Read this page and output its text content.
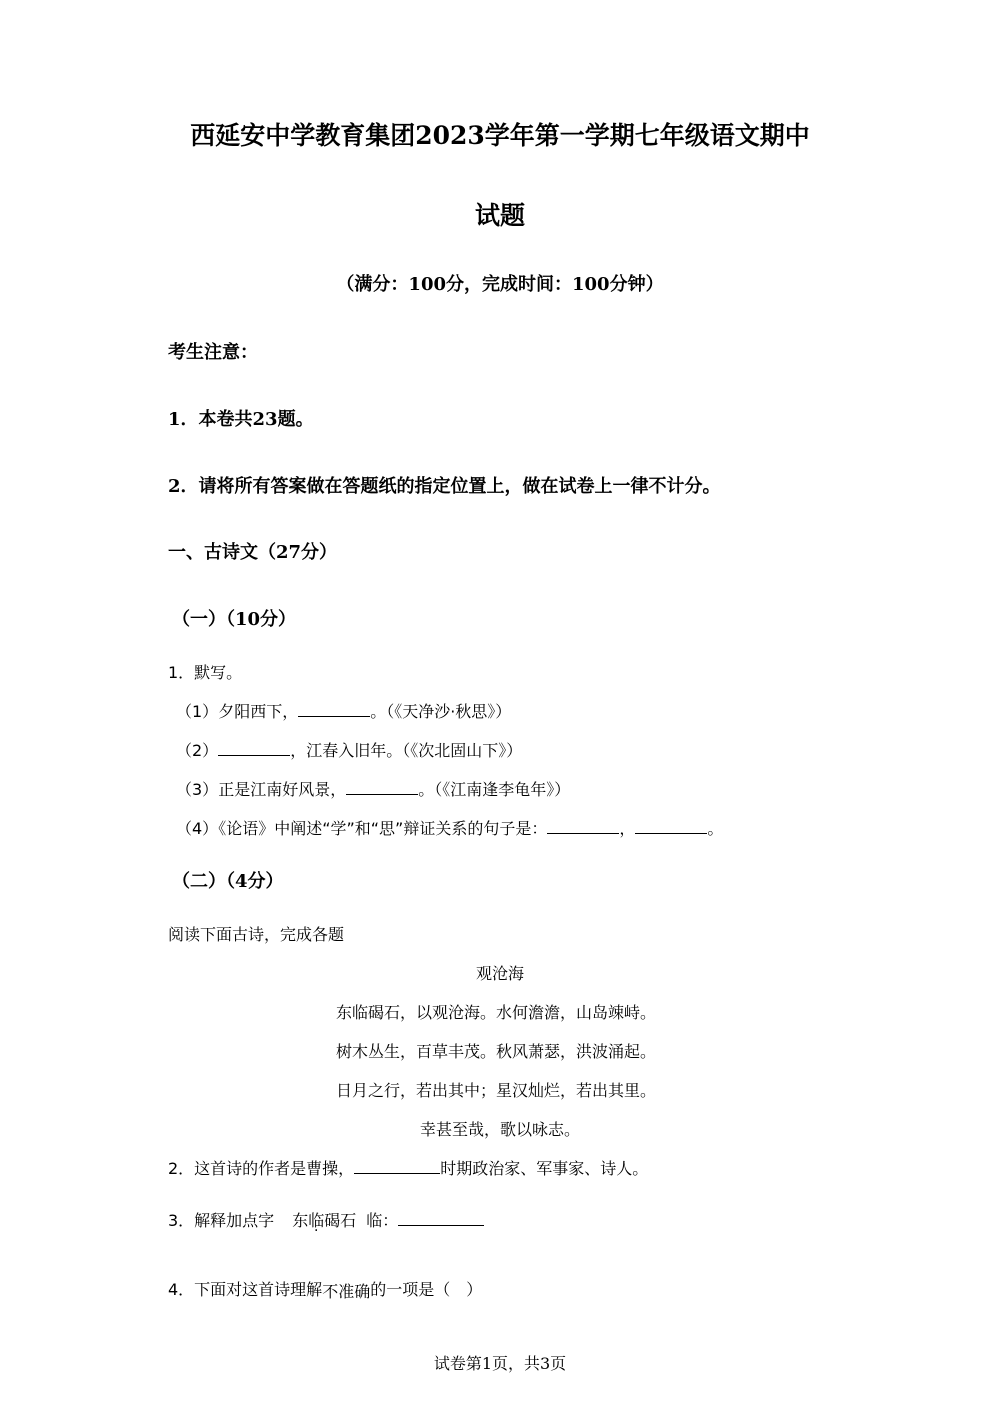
西延安中学教育集团2023学年第一学期七年级语文期中
试题
（满分：100分，完成时间：100分钟）
考生注意：
1．本卷共23题。
2．请将所有答案做在答题纸的指定位置上，做在试卷上一律不计分。
一、古诗文（27分）
（一）（10分）
1．默写。
（1）夕阳西下，	。（《天净沙·秋思》）
（2）	，江春入旧年。（《次北固山下》）
（3）正是江南好风景，	。（《江南逢李龟年》）
（4）《论语》中阐述“学”和“思”辩证关系的句子是：	，	。
（二）（4分）
阅读下面古诗，完成各题
观沧海
东临碣石，以观沧海。水何澹澹，山岛竦峙。
树木丛生，百草丰茂。秋风萧瑟，洪波涌起。
日月之行，若出其中；星汉灿烂，若出其里。
幸甚至哉，歌以咏志。
2．这首诗的作者是曹操，	时期政治家、军事家、诗人。
3．解释加点字 东临碣石 临：
4．下面对这首诗理解不准确的一项是（　）
试卷第1页，共3页
